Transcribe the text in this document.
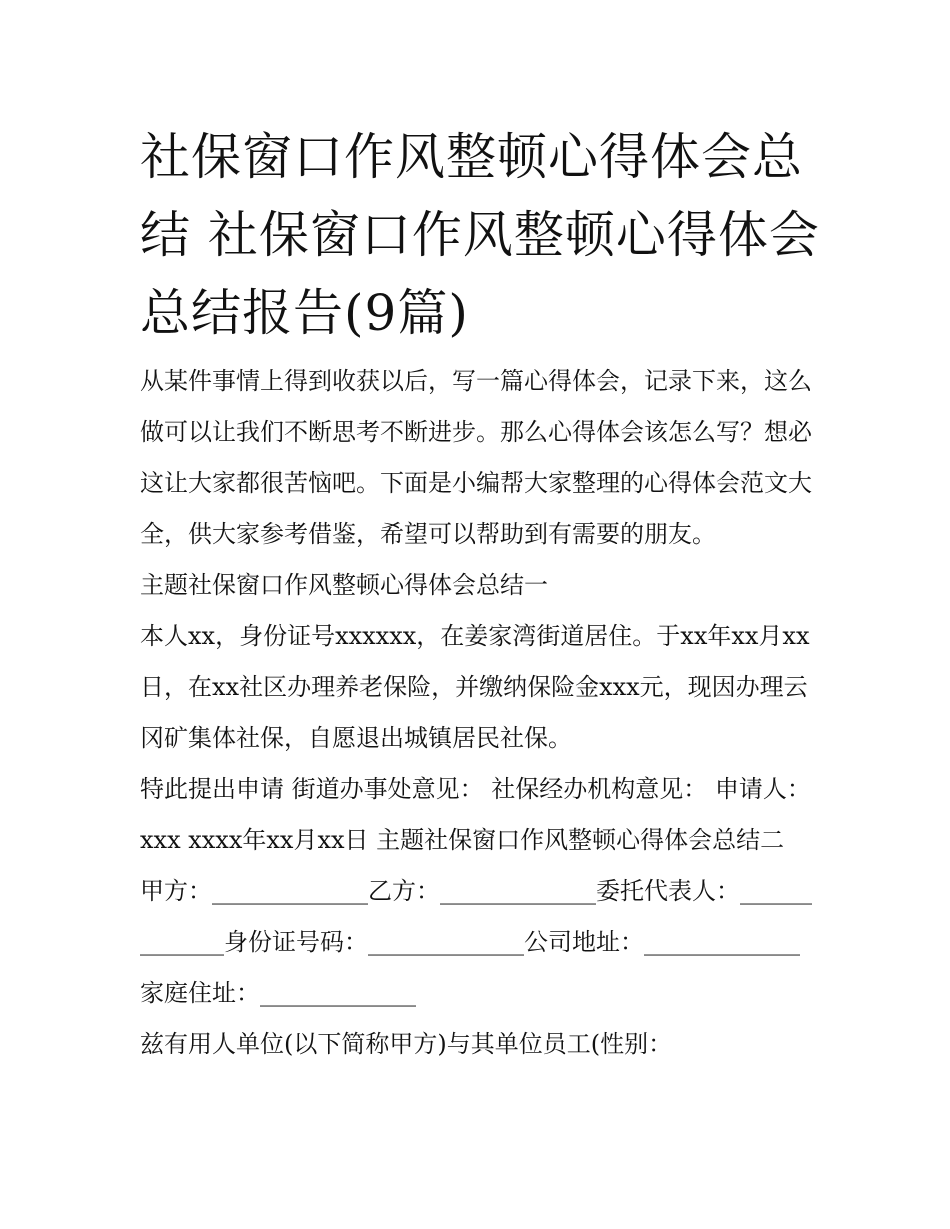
社保窗口作风整顿心得体会总结 社保窗口作风整顿心得体会总结报告(9篇)

从某件事情上得到收获以后，写一篇心得体会，记录下来，这么做可以让我们不断思考不断进步。那么心得体会该怎么写？想必这让大家都很苦恼吧。下面是小编帮大家整理的心得体会范文大全，供大家参考借鉴，希望可以帮助到有需要的朋友。

主题社保窗口作风整顿心得体会总结一

本人xx，身份证号xxxxxx，在姜家湾街道居住。于xx年xx月xx日，在xx社区办理养老保险，并缴纳保险金xxx元，现因办理云冈矿集体社保，自愿退出城镇居民社保。

特此提出申请 街道办事处意见： 社保经办机构意见： 申请人：xxx xxxx年xx月xx日 主题社保窗口作风整顿心得体会总结二

甲方：_____________乙方：_____________委托代表人：_____________身份证号码：_____________公司地址：_____________家庭住址：_____________

兹有用人单位(以下简称甲方)与其单位员工(性别：
